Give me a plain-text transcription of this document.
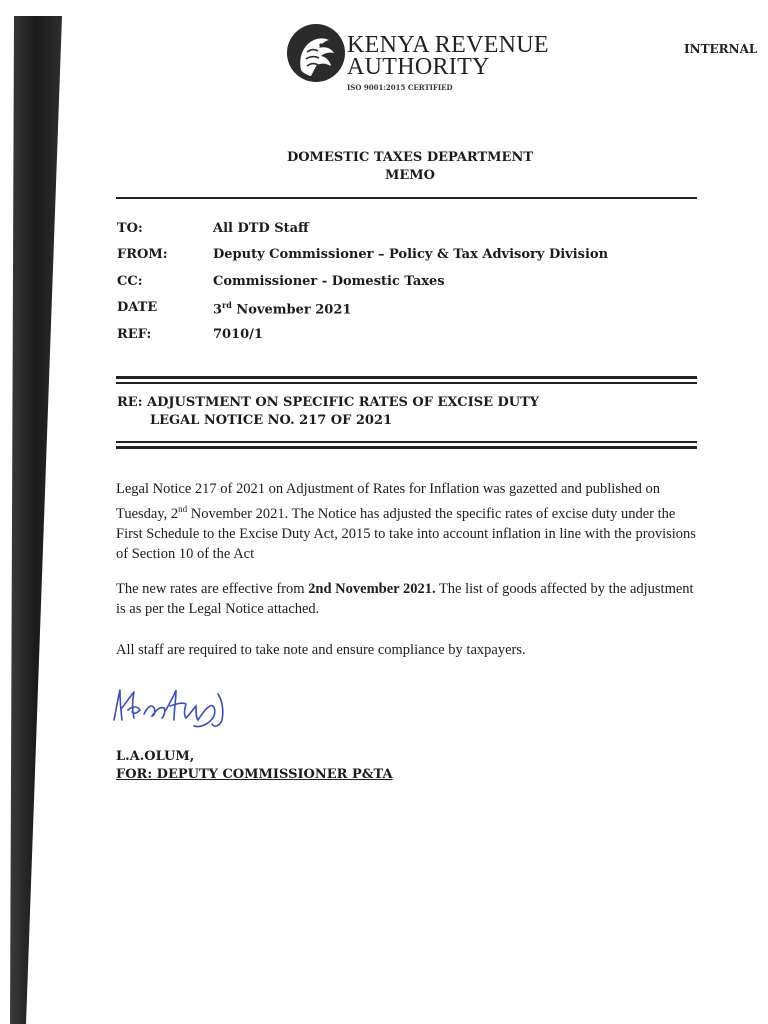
KENYA REVENUE
AUTHORITY
ISO 9001:2015 CERTIFIED
INTERNAL
DOMESTIC TAXES DEPARTMENT
MEMO
TO:	All DTD Staff
FROM:	Deputy Commissioner – Policy & Tax Advisory Division
CC:	Commissioner - Domestic Taxes
DATE	3rd November 2021
REF:	7010/1
RE: ADJUSTMENT ON SPECIFIC RATES OF EXCISE DUTY
LEGAL NOTICE NO. 217 OF 2021

Legal Notice 217 of 2021 on Adjustment of Rates for Inflation was gazetted and published on Tuesday, 2nd November 2021. The Notice has adjusted the specific rates of excise duty under the First Schedule to the Excise Duty Act, 2015 to take into account inflation in line with the provisions of Section 10 of the Act

The new rates are effective from 2nd November 2021. The list of goods affected by the adjustment is as per the Legal Notice attached.

All staff are required to take note and ensure compliance by taxpayers.

L.A.OLUM,
FOR: DEPUTY COMMISSIONER P&TA
